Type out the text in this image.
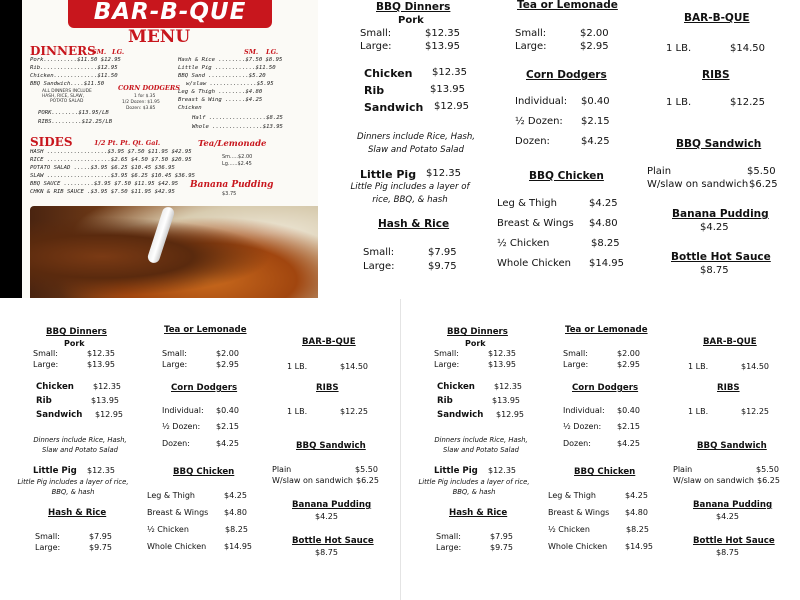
BAR-B-QUE
MENU
DINNERS
SM. LG.
Pork..........$11.50 $12.95
Rib.................$12.95
Chicken.............$11.50
BBQ Sandwich....$11.50
ALL DINNERS INCLUDE
HASH, RICE, SLAW,
POTATO SALAD
PORK........$13.95/LB
RIBS.........$12.25/LB
CORN DODGERS
1 for $.35
1/2 Dozen: $1.95
Dozen: $3.85
SM. LG.
Hash & Rice ........$7.50 $8.95
Little Pig ............$11.50
BBQ Sand ............$5.20
w/slaw ..............$5.95
Leg & Thigh ........$4.80
Breast & Wing ......$4.25
Chicken
Half .................$8.25
Whole ...............$13.95
SIDES	1/2 Pt. Pt. Qt. Gal.
HASH ..................$3.95 $7.50 $11.95 $42.95
RICE ...................$2.65 $4.50 $7.50 $20.95
POTATO SALAD .....$3.95 $6.25 $10.45 $36.95
SLAW ...................$3.95 $6.25 $10.45 $36.95
BBQ SAUCE .........$3.95 $7.50 $11.95 $42.95
CHKN & RIB SAUCE .$3.95 $7.50 $11.95 $42.95
Tea/Lemonade
Sm.....$2.00
Lg......$2.45
Banana Pudding
$3.75
BBQ Dinners
Pork
Small:	$12.35
Large:	$13.95
Chicken $12.35
Rib	$13.95
Sandwich $12.95
Dinners include Rice, Hash, Slaw and Potato Salad
Little Pig $12.35
Little Pig includes a layer of rice, BBQ, & hash
Hash & Rice
Small:	$7.95
Large:	$9.75
Tea or Lemonade
Small:	$2.00
Large:	$2.95
Corn Dodgers
Individual: $0.40
½ Dozen: $2.15
Dozen:	$4.25
BBQ Chicken
Leg & Thigh	$4.25
Breast & Wings $4.80
½ Chicken	$8.25
Whole Chicken $14.95
BAR-B-QUE
1 LB.	$14.50
RIBS
1 LB.	$12.25
BBQ Sandwich
Plain	$5.50
W/slaw on sandwich $6.25
Banana Pudding
$4.25
Bottle Hot Sauce
$8.75
BBQ Dinners
Pork
Small:	$12.35
Large:	$13.95
Chicken $12.35
Rib	$13.95
Sandwich $12.95
Dinners include Rice, Hash, Slaw and Potato Salad
Little Pig $12.35
Little Pig includes a layer of rice, BBQ, & hash
Hash & Rice
Small:	$7.95
Large:	$9.75
Tea or Lemonade
Small:	$2.00
Large:	$2.95
Corn Dodgers
Individual: $0.40
½ Dozen: $2.15
Dozen:	$4.25
BBQ Chicken
Leg & Thigh	$4.25
Breast & Wings $4.80
½ Chicken	$8.25
Whole Chicken $14.95
BAR-B-QUE
1 LB.	$14.50
RIBS
1 LB.	$12.25
BBQ Sandwich
Plain	$5.50
W/slaw on sandwich $6.25
Banana Pudding
$4.25
Bottle Hot Sauce
$8.75
BBQ Dinners
Pork
Small:	$12.35
Large:	$13.95
Chicken $12.35
Rib	$13.95
Sandwich $12.95
Dinners include Rice, Hash, Slaw and Potato Salad
Little Pig $12.35
Little Pig includes a layer of rice, BBQ, & hash
Hash & Rice
Small:	$7.95
Large:	$9.75
Tea or Lemonade
Small:	$2.00
Large:	$2.95
Corn Dodgers
Individual: $0.40
½ Dozen: $2.15
Dozen:	$4.25
BBQ Chicken
Leg & Thigh	$4.25
Breast & Wings $4.80
½ Chicken	$8.25
Whole Chicken $14.95
BAR-B-QUE
1 LB.	$14.50
RIBS
1 LB.	$12.25
BBQ Sandwich
Plain	$5.50
W/slaw on sandwich $6.25
Banana Pudding
$4.25
Bottle Hot Sauce
$8.75
